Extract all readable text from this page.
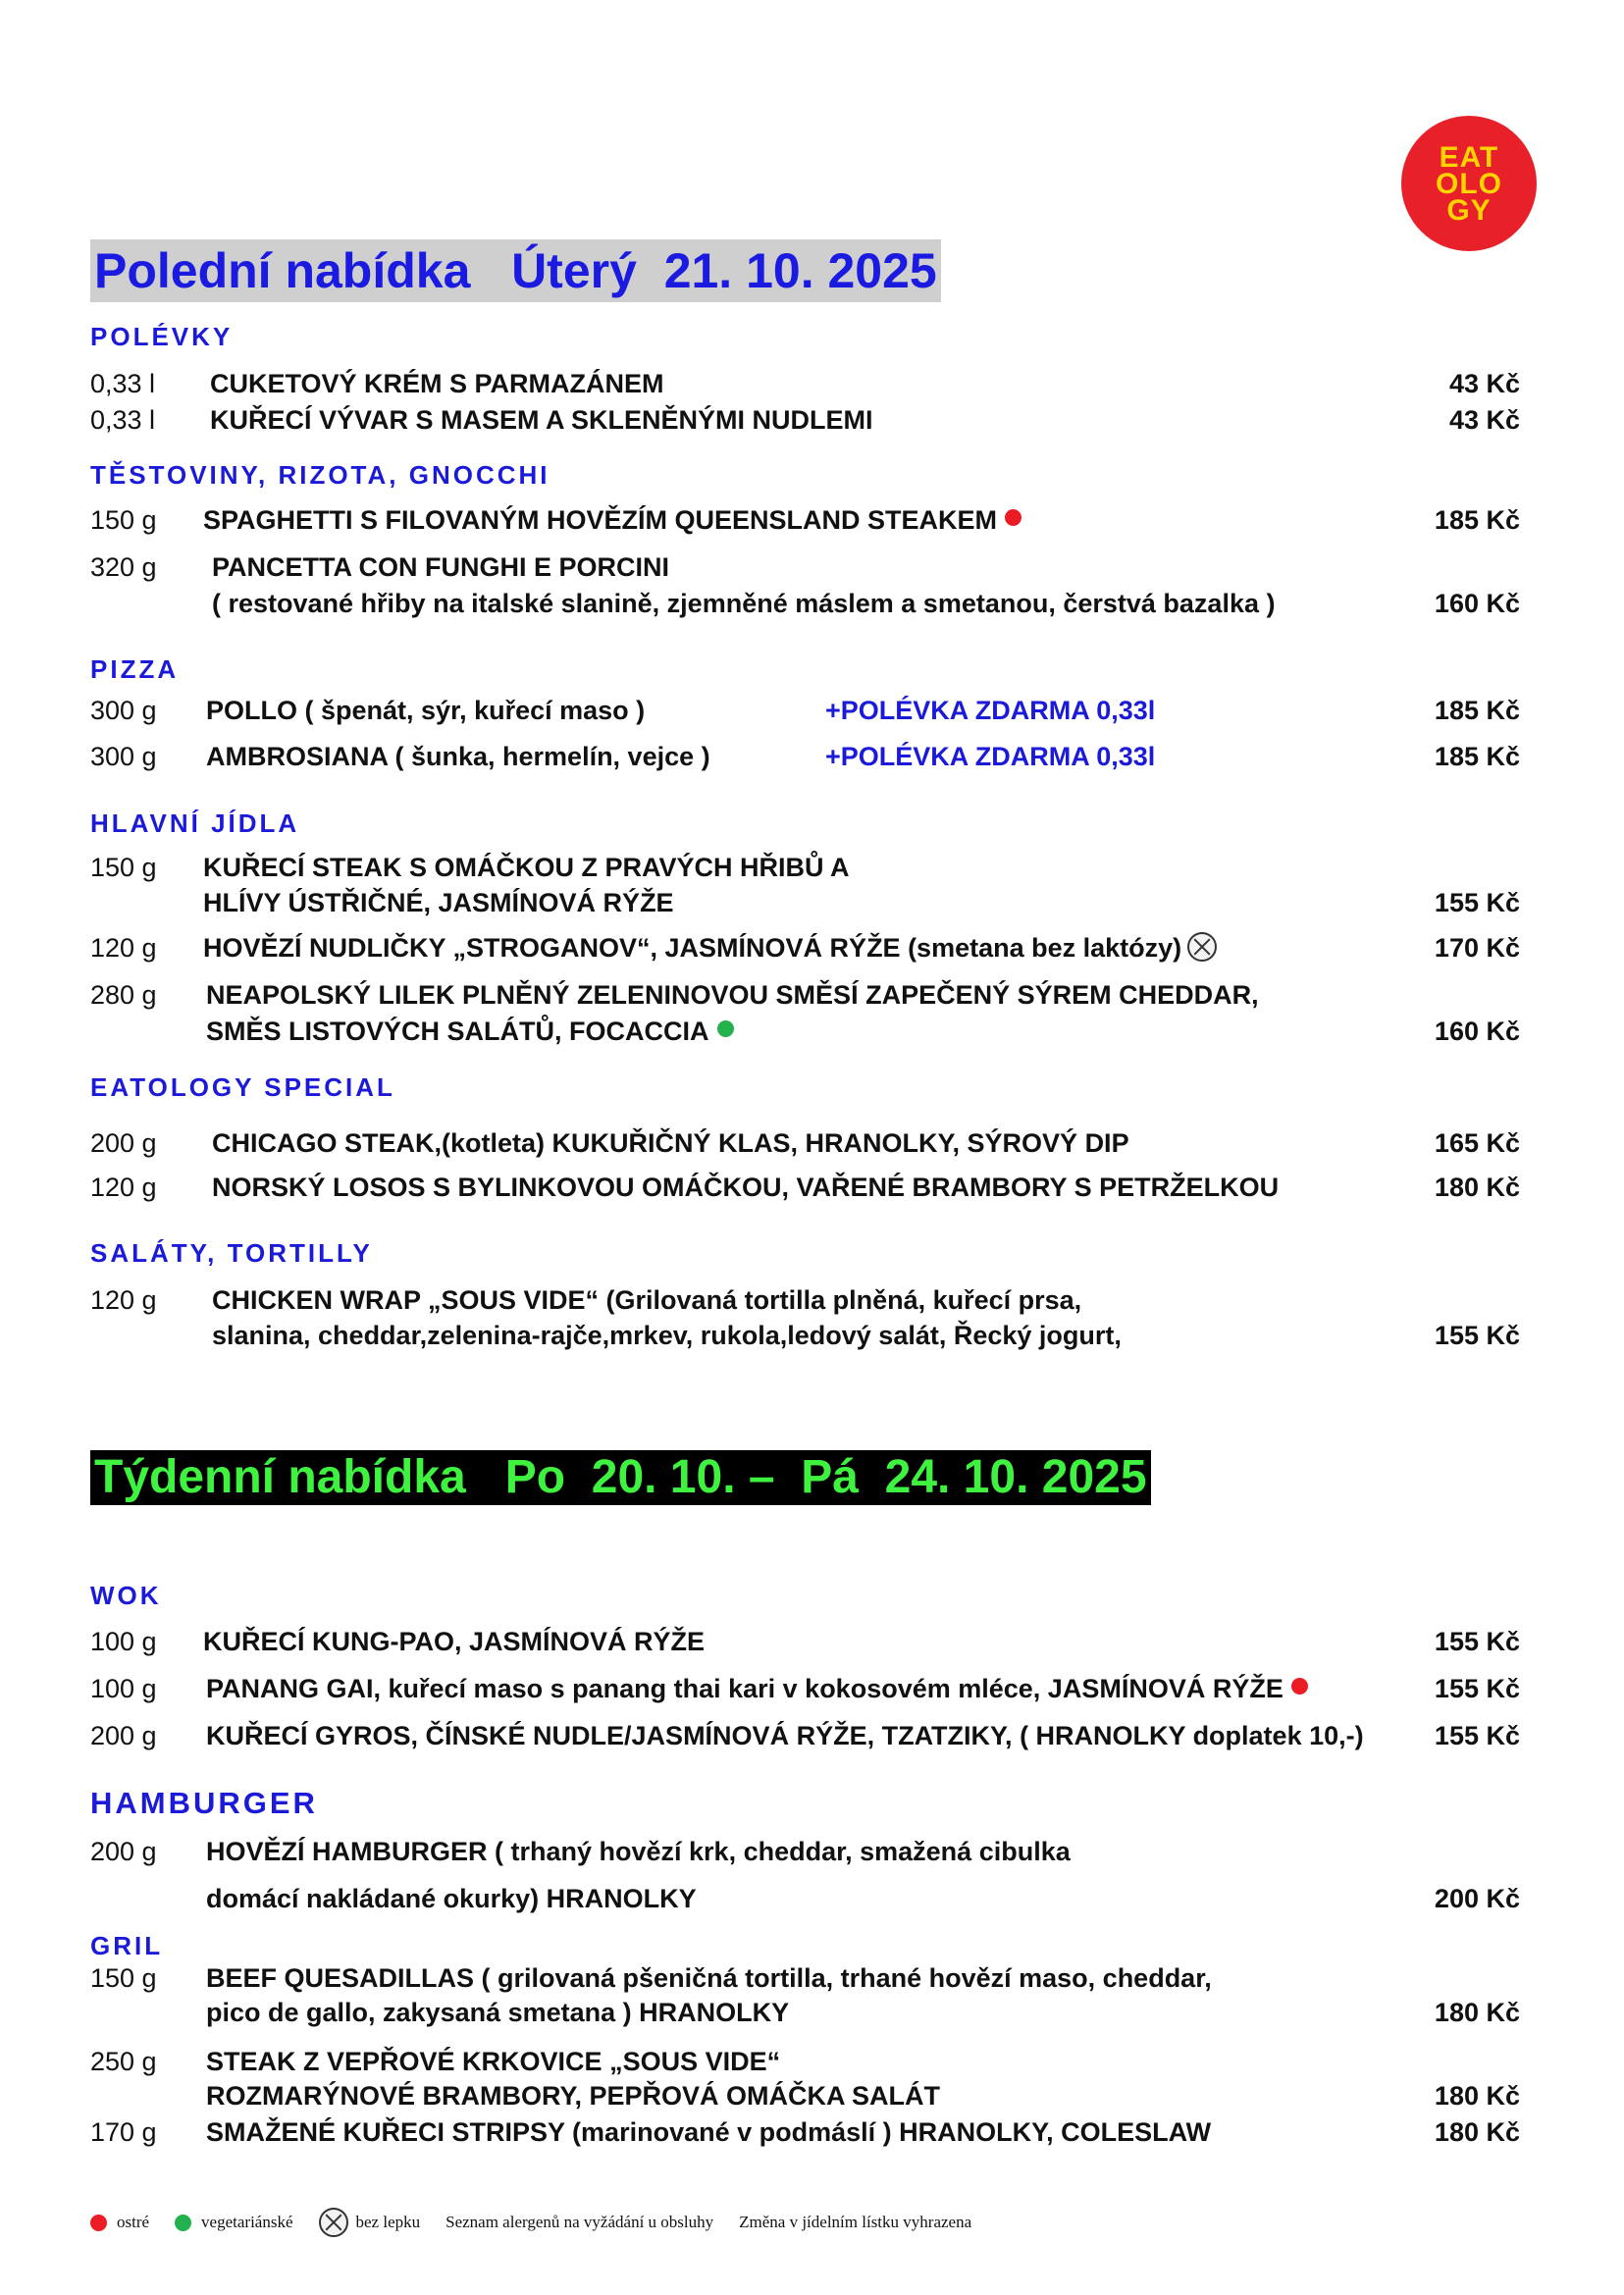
EAT
OLO
GY
Polední nabídka   Úterý  21. 10. 2025
POLÉVKY
0,33 l CUKETOVÝ KRÉM S PARMAZÁNEM	43 Kč
0,33 l KUŘECÍ VÝVAR S MASEM A SKLENĚNÝMI NUDLEMI	43 Kč
TĚSTOVINY, RIZOTA, GNOCCHI
150 g SPAGHETTI S FILOVANÝM HOVĚZÍM QUEENSLAND STEAKEM	185 Kč
320 g PANCETTA CON FUNGHI E PORCINI
( restované hřiby na italské slanině, zjemněné máslem a smetanou, čerstvá bazalka )	160 Kč
PIZZA
300 g POLLO ( špenát, sýr, kuřecí maso )	+POLÉVKA ZDARMA 0,33l	185 Kč
300 g AMBROSIANA ( šunka, hermelín, vejce )	+POLÉVKA ZDARMA 0,33l	185 Kč
HLAVNÍ JÍDLA
150 g KUŘECÍ STEAK S OMÁČKOU Z PRAVÝCH HŘIBŮ A
HLÍVY ÚSTŘIČNÉ, JASMÍNOVÁ RÝŽE	155 Kč
120 g HOVĚZÍ NUDLIČKY „STROGANOV“, JASMÍNOVÁ RÝŽE (smetana bez laktózy)	170 Kč
280 g NEAPOLSKÝ LILEK PLNĚNÝ ZELENINOVOU SMĚSÍ ZAPEČENÝ SÝREM CHEDDAR,
SMĚS LISTOVÝCH SALÁTŮ, FOCACCIA	160 Kč
EATOLOGY SPECIAL
200 g CHICAGO STEAK,(kotleta) KUKUŘIČNÝ KLAS, HRANOLKY, SÝROVÝ DIP	165 Kč
120 g NORSKÝ LOSOS S BYLINKOVOU OMÁČKOU, VAŘENÉ BRAMBORY S PETRŽELKOU	180 Kč
SALÁTY, TORTILLY
120 g CHICKEN WRAP „SOUS VIDE“ (Grilovaná tortilla plněná, kuřecí prsa,
slanina, cheddar,zelenina-rajče,mrkev, rukola,ledový salát, Řecký jogurt,	155 Kč
Týdenní nabídka   Po  20. 10. –  Pá  24. 10. 2025
WOK
100 g KUŘECÍ KUNG-PAO, JASMÍNOVÁ RÝŽE	155 Kč
100 g PANANG GAI, kuřecí maso s panang thai kari v kokosovém mléce, JASMÍNOVÁ RÝŽE	155 Kč
200 g KUŘECÍ GYROS, ČÍNSKÉ NUDLE/JASMÍNOVÁ RÝŽE, TZATZIKY, ( HRANOLKY doplatek 10,-)	155 Kč
HAMBURGER
200 g HOVĚZÍ HAMBURGER ( trhaný hovězí krk, cheddar, smažená cibulka
domácí nakládané okurky) HRANOLKY	200 Kč
GRIL
150 g BEEF QUESADILLAS ( grilovaná pšeničná tortilla, trhané hovězí maso, cheddar,
pico de gallo, zakysaná smetana ) HRANOLKY	180 Kč
250 g STEAK Z VEPŘOVÉ KRKOVICE „SOUS VIDE“
ROZMARÝNOVÉ BRAMBORY, PEPŘOVÁ OMÁČKA SALÁT	180 Kč
170 g SMAŽENÉ KUŘECI STRIPSY (marinované v podmáslí ) HRANOLKY, COLESLAW	180 Kč
ostré	vegetariánské	bez lepku Seznam alergenů na vyžádání u obsluhy Změna v jídelním lístku vyhrazena
